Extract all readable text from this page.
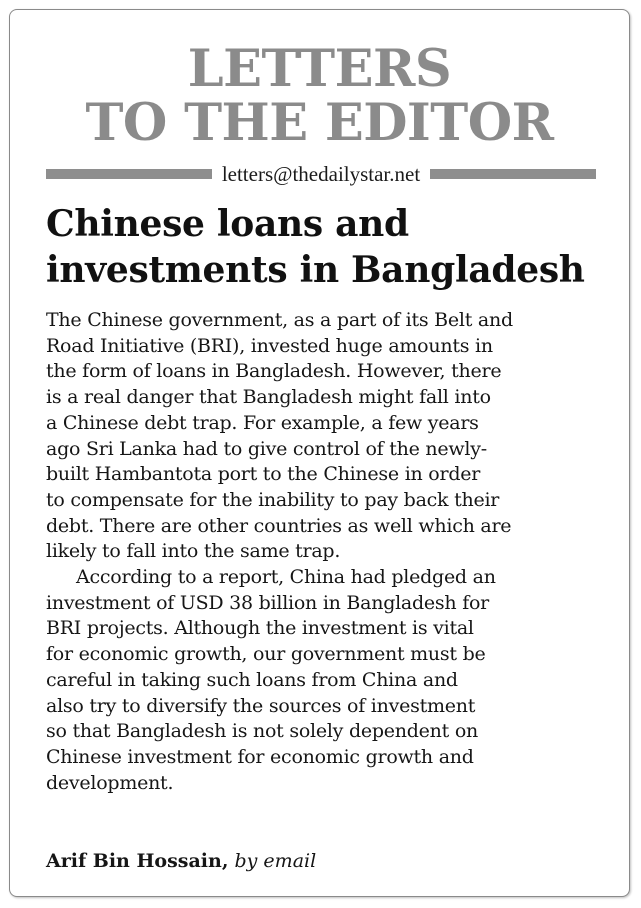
LETTERS
TO THE EDITOR
letters@thedailystar.net
Chinese loans and
investments in Bangladesh
The Chinese government, as a part of its Belt and
Road Initiative (BRI), invested huge amounts in
the form of loans in Bangladesh. However, there
is a real danger that Bangladesh might fall into
a Chinese debt trap. For example, a few years
ago Sri Lanka had to give control of the newly-
built Hambantota port to the Chinese in order
to compensate for the inability to pay back their
debt. There are other countries as well which are
likely to fall into the same trap.
According to a report, China had pledged an
investment of USD 38 billion in Bangladesh for
BRI projects. Although the investment is vital
for economic growth, our government must be
careful in taking such loans from China and
also try to diversify the sources of investment
so that Bangladesh is not solely dependent on
Chinese investment for economic growth and
development.
Arif Bin Hossain, by email
